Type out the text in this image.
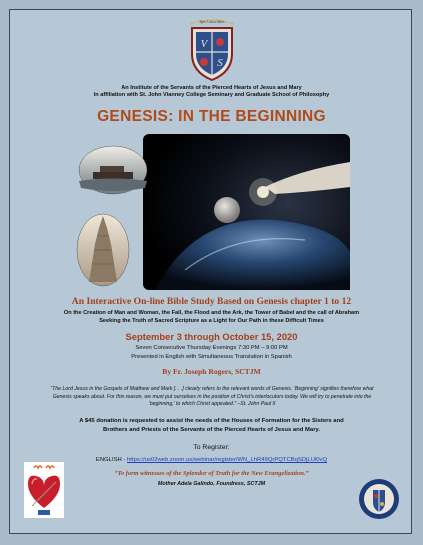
Spes Unica Salus
V
S
An Institute of the Servants of the Pierced Hearts of Jesus and Mary
In affiliation with St. John Vianney College Seminary and Graduate School of Philosophy
GENESIS: IN THE BEGINNING
An Interactive On-line Bible Study Based on Genesis chapter 1 to 12
On the Creation of Man and Woman, the Fall, the Flood and the Ark, the Tower of Babel and the call of Abraham
Seeking the Truth of Sacred Scripture as a Light for Our Path in these Difficult Times
September 3 through October 15, 2020
Seven Consecutive Thursday Evenings 7:30 PM – 9:00 PM
Presented in English with Simultaneous Translation in Spanish
By Fr. Joseph Rogers, SCTJM
“The Lord Jesus in the Gospels of Matthew and Mark [. . .] clearly refers to the relevant words of Genesis. ‘Beginning’ signifies therefore what Genesis speaks about. For this reason, we must put ourselves in the position of Christ’s interlocutors today. We will try to penetrate into the ‘beginning,’ to which Christ appealed.” –St. John Paul II
A $45 donation is requested to assist the needs of the Houses of Formation for the Sisters and Brothers and Priests of the Servants of the Pierced Hearts of Jesus and Mary.
To Register:
ENGLISH - https://us02web.zoom.us/webinar/register/WN_LhR49QrPQTCBqSDjLUl0vQ
“To form witnesses of the Splendor of Truth for the New Evangelization.”
Mother Adela Galindo, Foundress, SCTJM
